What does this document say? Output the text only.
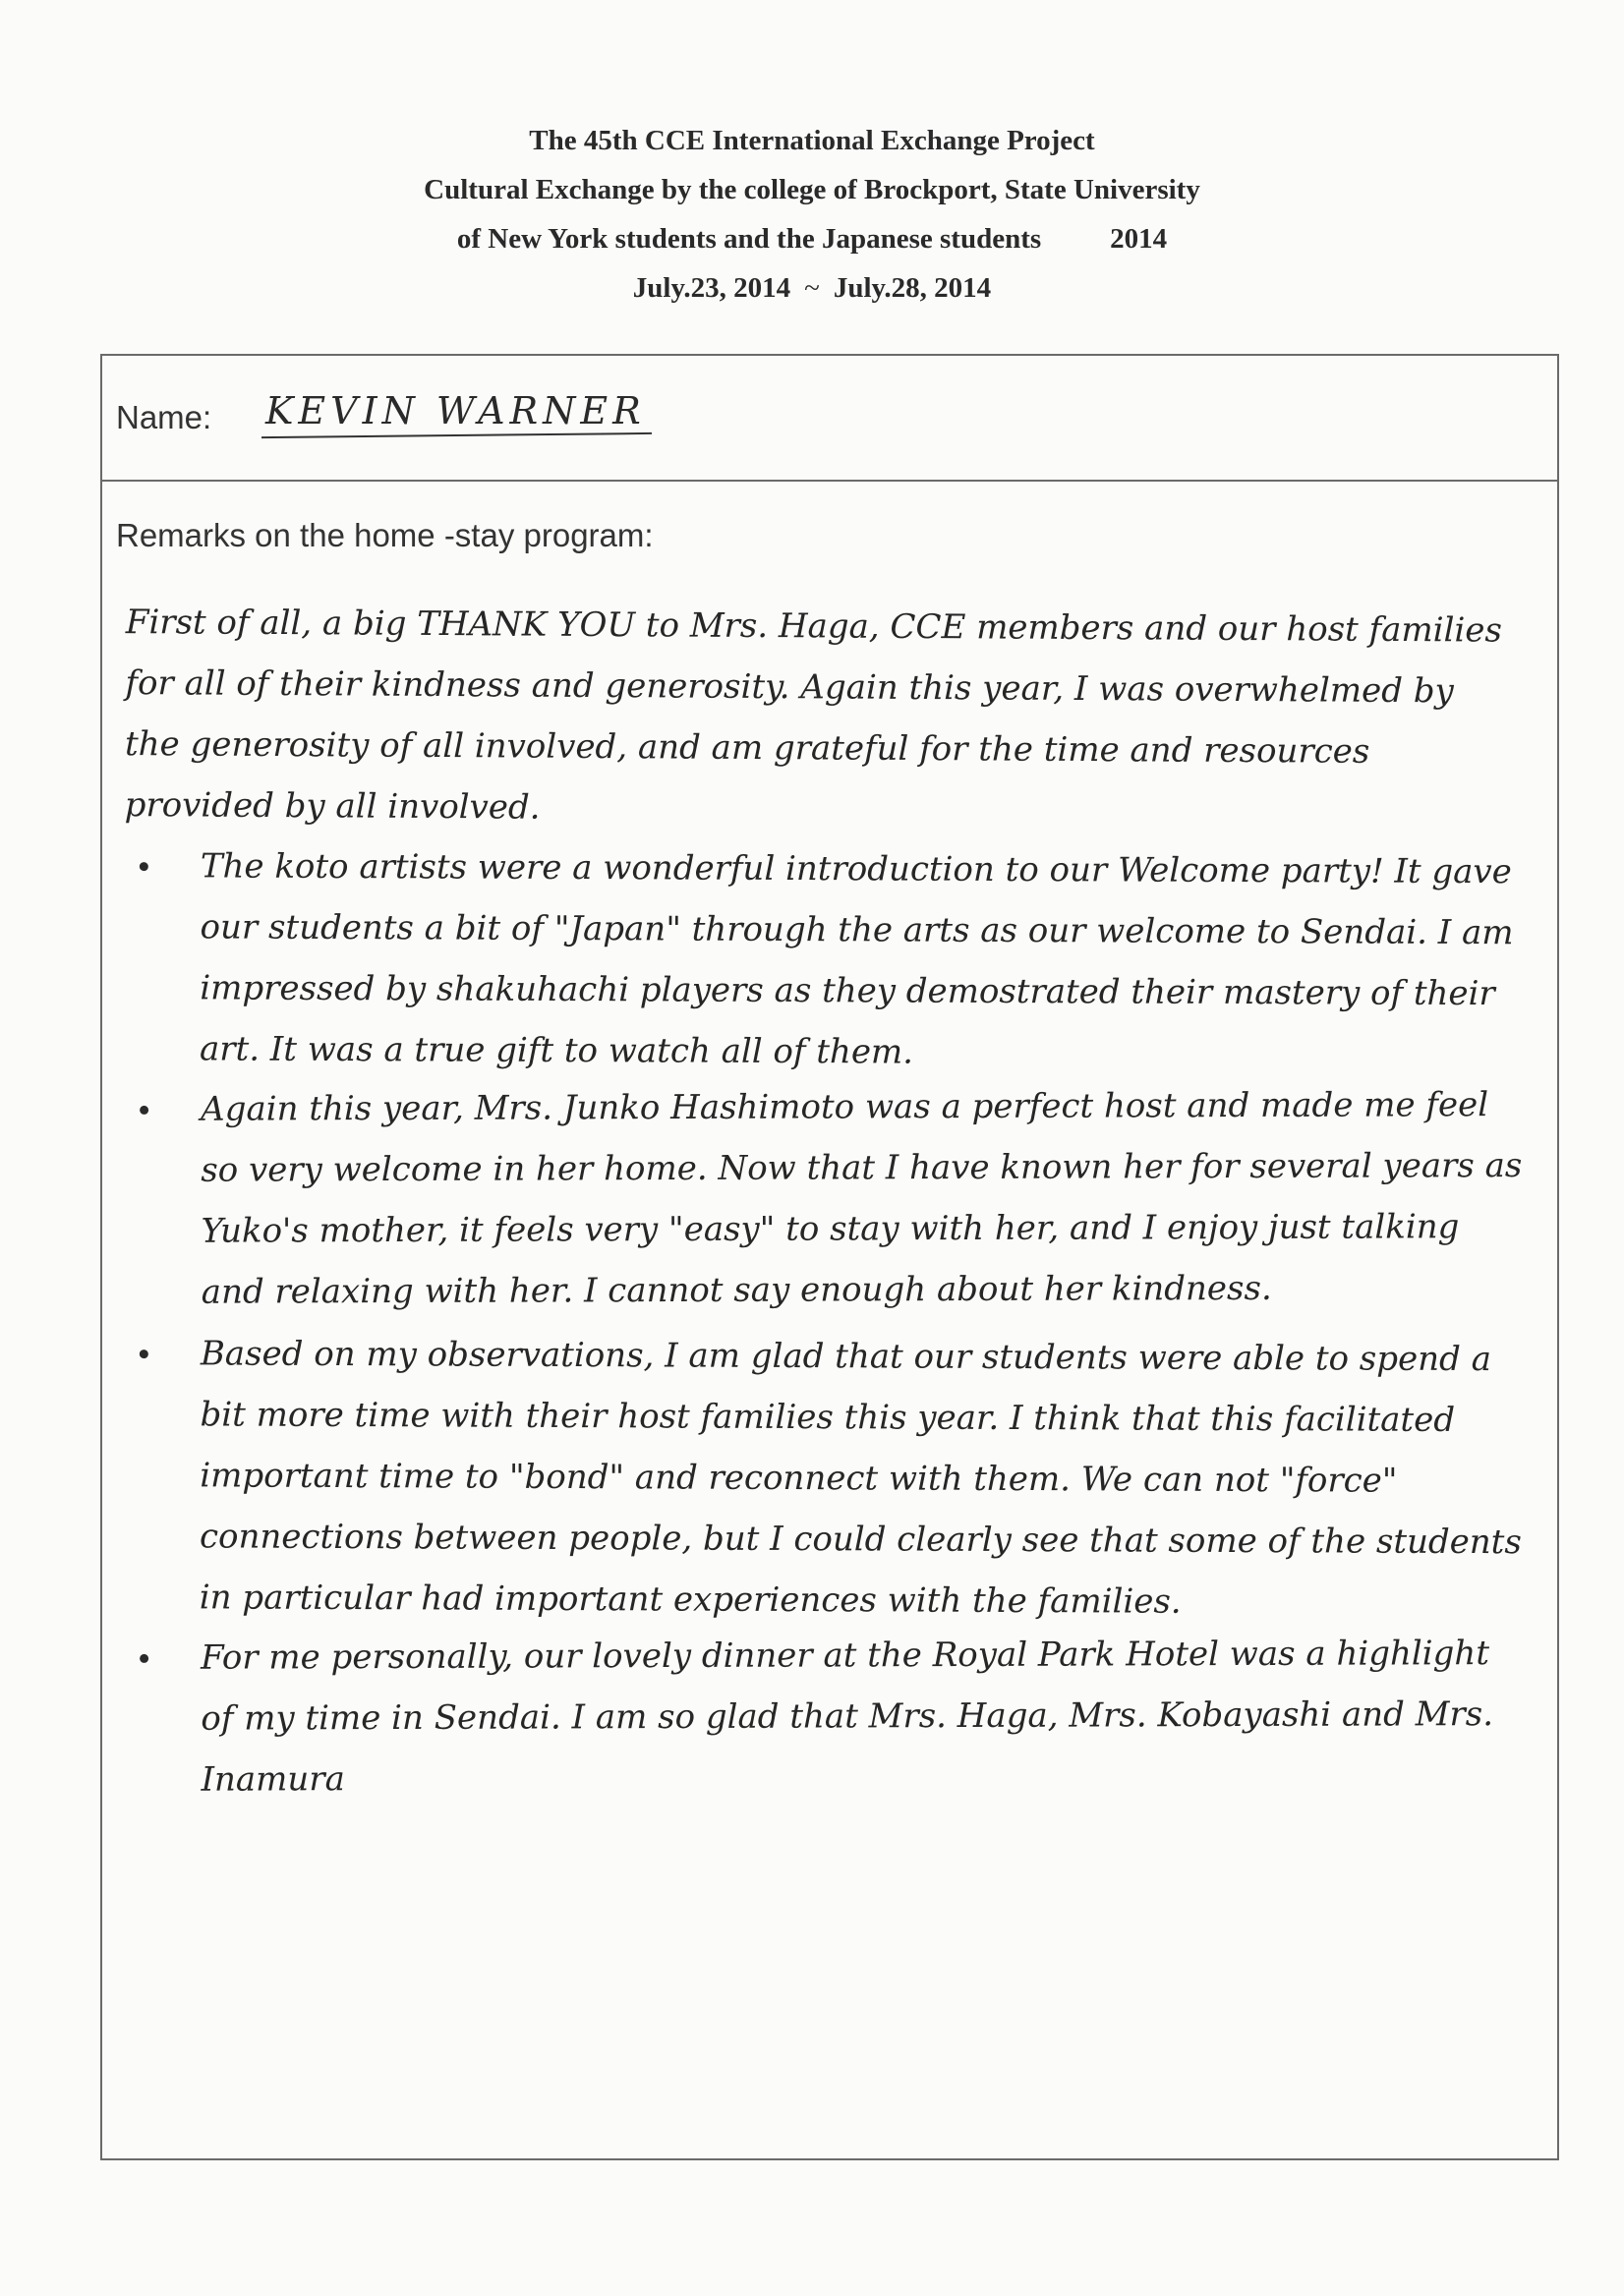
The 45th CCE International Exchange Project
Cultural Exchange by the college of Brockport, State University
of New York students and the Japanese students 2014
July.23, 2014 ~ July.28, 2014
Name: KEVIN WARNER
Remarks on the home -stay program:
First of all, a big THANK YOU to Mrs. Haga, CCE members and our host families for all of their kindness and generosity. Again this year, I was overwhelmed by the generosity of all involved, and am grateful for the time and resources provided by all involved.
The koto artists were a wonderful introduction to our Welcome party! It gave our students a bit of "Japan" through the arts as our welcome to Sendai. I am impressed by shakuhachi players as they demostrated their mastery of their art. It was a true gift to watch all of them.
Again this year, Mrs. Junko Hashimoto was a perfect host and made me feel so very welcome in her home. Now that I have known her for several years as Yuko's mother, it feels very "easy" to stay with her, and I enjoy just talking and relaxing with her. I cannot say enough about her kindness.
Based on my observations, I am glad that our students were able to spend a bit more time with their host families this year. I think that this facilitated important time to "bond" and reconnect with them. We can not "force" connections between people, but I could clearly see that some of the students in particular had important experiences with the families.
For me personally, our lovely dinner at the Royal Park Hotel was a highlight of my time in Sendai. I am so glad that Mrs. Haga, Mrs. Kobayashi and Mrs. Inamura
